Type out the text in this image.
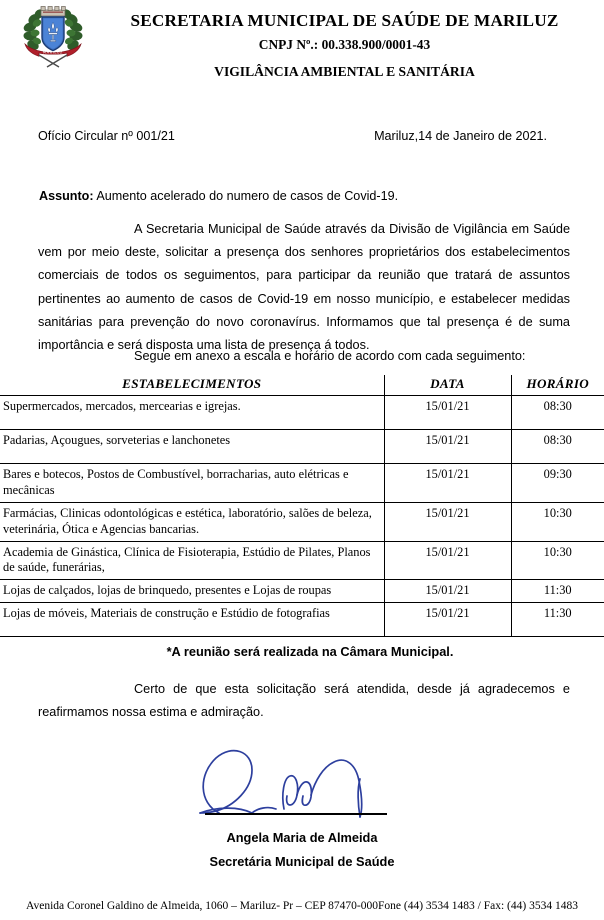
MARILUZ
SECRETARIA MUNICIPAL DE SAÚDE DE MARILUZ
CNPJ Nº.: 00.338.900/0001-43
VIGILÂNCIA AMBIENTAL E SANITÁRIA
Ofício Circular nº 001/21	Mariluz,14 de Janeiro de 2021.
Assunto: Aumento acelerado do numero de casos de Covid-19.
A Secretaria Municipal de Saúde através da Divisão de Vigilância em Saúde vem por meio deste, solicitar a presença dos senhores proprietários dos estabelecimentos comerciais de todos os seguimentos, para participar da reunião que tratará de assuntos pertinentes ao aumento de casos de Covid-19 em nosso município, e estabelecer medidas sanitárias para prevenção do novo coronavírus. Informamos que tal presença é de suma importância e será disposta uma lista de presença á todos.
Segue em anexo a escala e horário de acordo com cada seguimento:
ESTABELECIMENTOS	DATA	HORÁRIO
Supermercados, mercados, mercearias e igrejas.	15/01/21	08:30
Padarias, Açougues, sorveterias e lanchonetes	15/01/21	08:30
Bares e botecos, Postos de Combustível, borracharias, auto elétricas e mecânicas	15/01/21	09:30
Farmácias, Clinicas odontológicas e estética, laboratório, salões de beleza, veterinária, Ótica e Agencias bancarias.	15/01/21	10:30
Academia de Ginástica, Clínica de Fisioterapia, Estúdio de Pilates, Planos de saúde, funerárias,	15/01/21	10:30
Lojas de calçados, lojas de brinquedo, presentes e Lojas de roupas	15/01/21	11:30
Lojas de móveis, Materiais de construção e Estúdio de fotografias	15/01/21	11:30
*A reunião será realizada na Câmara Municipal.
Certo de que esta solicitação será atendida, desde já agradecemos e reafirmamos nossa estima e admiração.
Angela Maria de Almeida
Secretária Municipal de Saúde
Avenida Coronel Galdino de Almeida, 1060 – Mariluz- Pr – CEP 87470-000Fone (44) 3534 1483 / Fax: (44) 3534 1483
